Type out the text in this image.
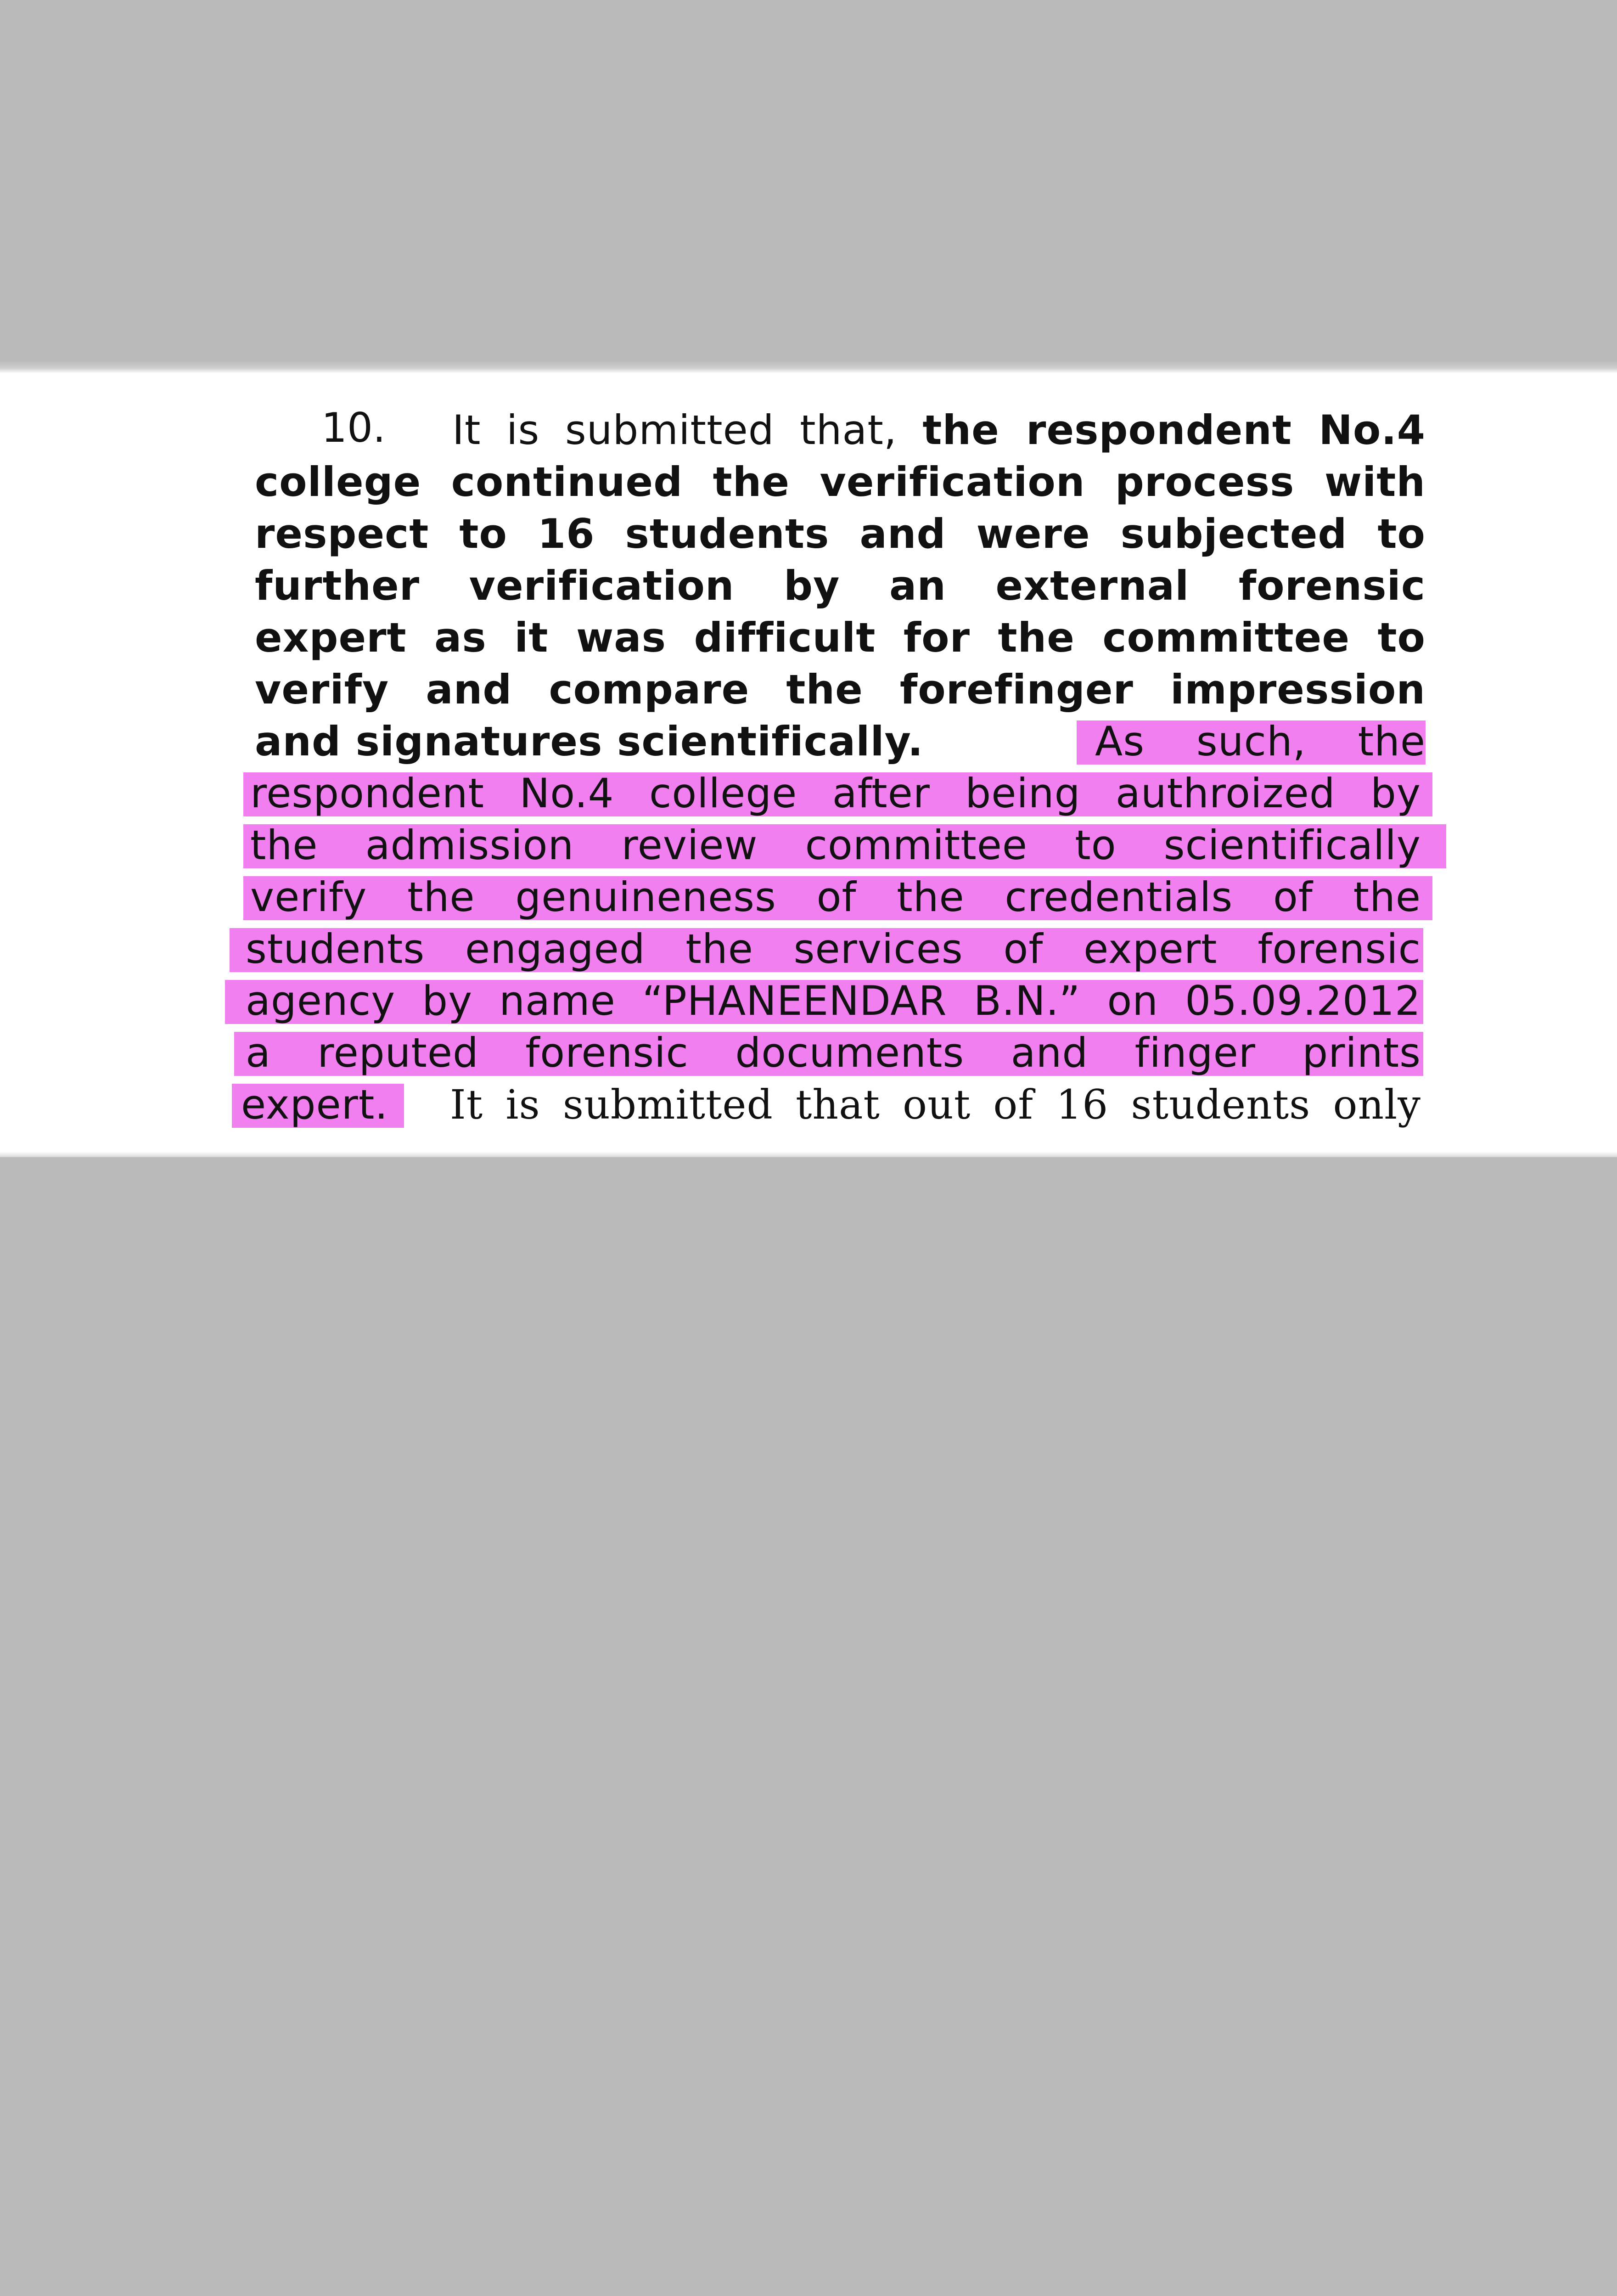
10. It is submitted that, the respondent No.4
college continued the verification process with
respect to 16 students and were subjected to
further verification by an external forensic
expert as it was difficult for the committee to
verify and compare the forefinger impression
and signatures scientifically.	As such, the
respondent No.4 college after being authroized by
the admission review committee to scientifically
verify the genuineness of the credentials of the
students engaged the services of expert forensic
agency by name “PHANEENDAR B.N.” on 05.09.2012
a reputed forensic documents and finger prints
expert. It is submitted that out of 16 students only
